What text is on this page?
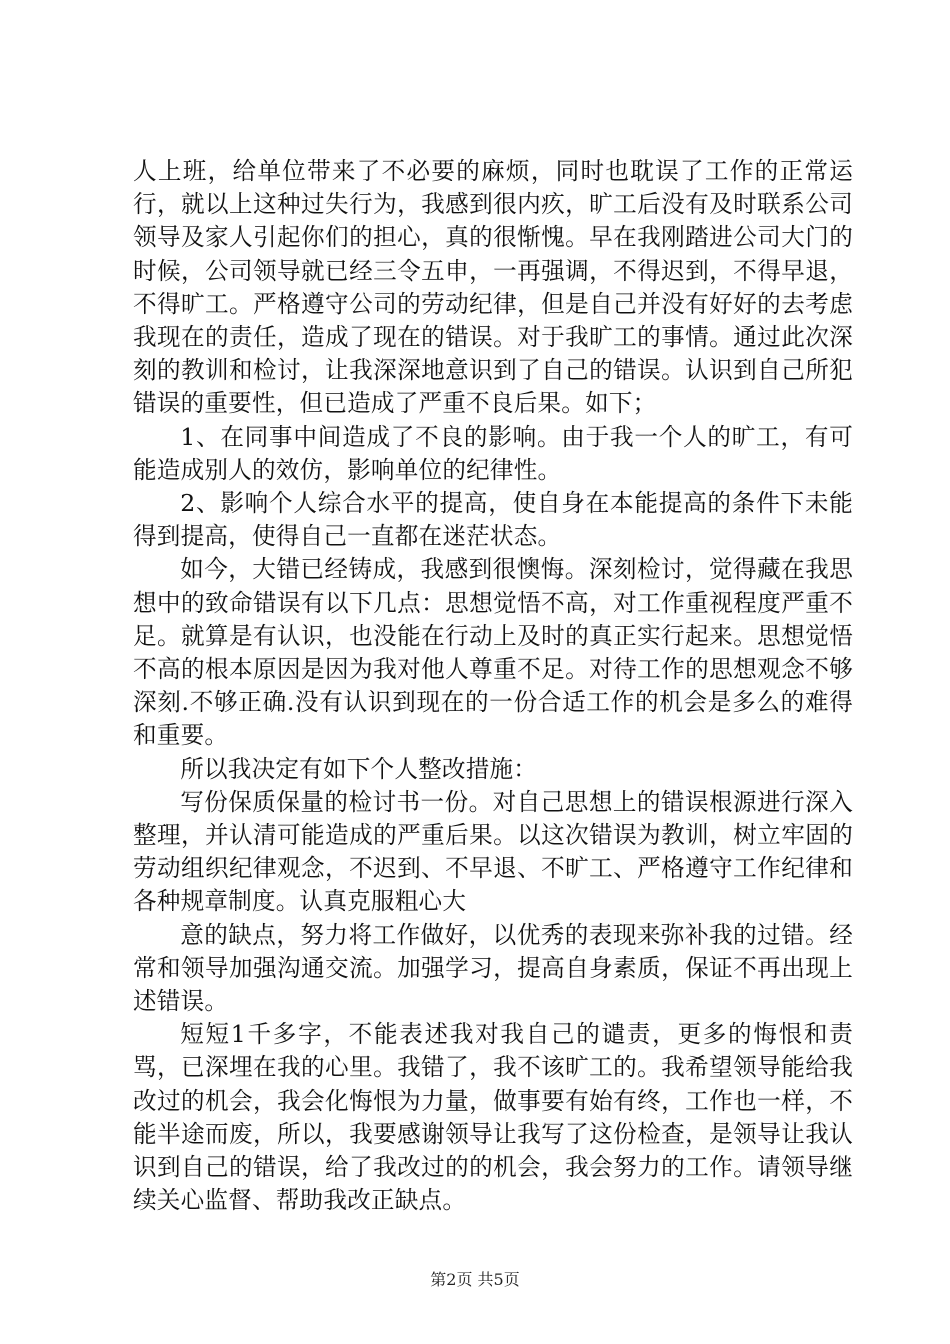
人上班，给单位带来了不必要的麻烦，同时也耽误了工作的正常运行，就以上这种过失行为，我感到很内疚，旷工后没有及时联系公司领导及家人引起你们的担心，真的很惭愧。早在我刚踏进公司大门的时候，公司领导就已经三令五申，一再强调，不得迟到，不得早退，不得旷工。严格遵守公司的劳动纪律，但是自己并没有好好的去考虑我现在的责任，造成了现在的错误。对于我旷工的事情。通过此次深刻的教训和检讨，让我深深地意识到了自己的错误。认识到自己所犯错误的重要性，但已造成了严重不良后果。如下；

1、在同事中间造成了不良的影响。由于我一个人的旷工，有可能造成别人的效仿，影响单位的纪律性。

2、影响个人综合水平的提高，使自身在本能提高的条件下未能得到提高，使得自己一直都在迷茫状态。

如今，大错已经铸成，我感到很懊悔。深刻检讨，觉得藏在我思想中的致命错误有以下几点：思想觉悟不高，对工作重视程度严重不足。就算是有认识，也没能在行动上及时的真正实行起来。思想觉悟不高的根本原因是因为我对他人尊重不足。对待工作的思想观念不够深刻.不够正确.没有认识到现在的一份合适工作的机会是多么的难得和重要。

所以我决定有如下个人整改措施：

写份保质保量的检讨书一份。对自己思想上的错误根源进行深入整理，并认清可能造成的严重后果。以这次错误为教训，树立牢固的劳动组织纪律观念，不迟到、不早退、不旷工、严格遵守工作纪律和各种规章制度。认真克服粗心大

意的缺点，努力将工作做好，以优秀的表现来弥补我的过错。经常和领导加强沟通交流。加强学习，提高自身素质，保证不再出现上述错误。

短短1千多字，不能表述我对我自己的谴责，更多的悔恨和责骂，已深埋在我的心里。我错了，我不该旷工的。我希望领导能给我改过的机会，我会化悔恨为力量，做事要有始有终，工作也一样，不能半途而废，所以，我要感谢领导让我写了这份检查，是领导让我认识到自己的错误，给了我改过的的机会，我会努力的工作。请领导继续关心监督、帮助我改正缺点。

第2页 共5页
